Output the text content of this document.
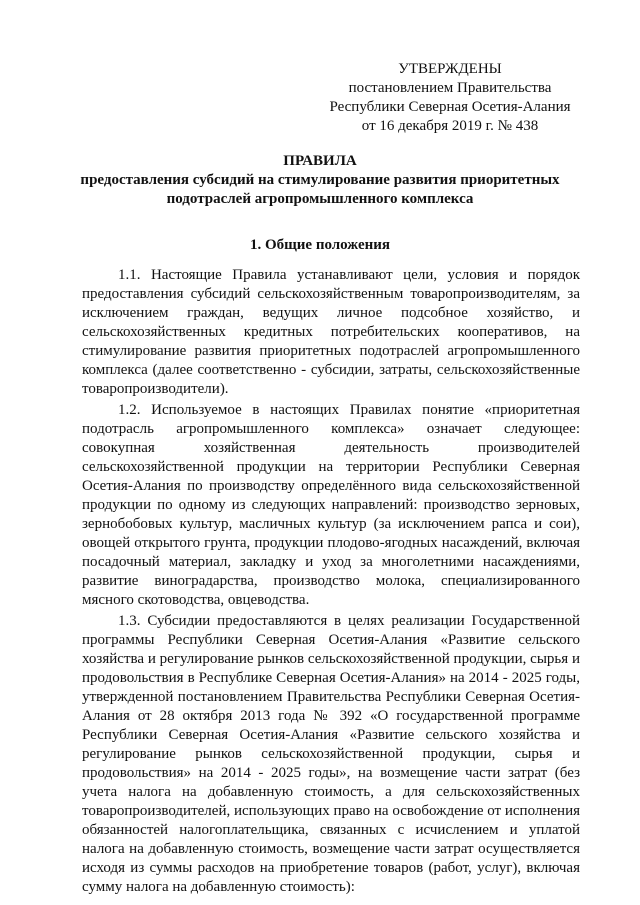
УТВЕРЖДЕНЫ
постановлением Правительства
Республики Северная Осетия-Алания
от 16 декабря 2019 г. № 438
ПРАВИЛА
предоставления субсидий на стимулирование развития приоритетных подотраслей агропромышленного комплекса
1. Общие положения

1.1. Настоящие Правила устанавливают цели, условия и порядок предоставления субсидий сельскохозяйственным товаропроизводителям, за исключением граждан, ведущих личное подсобное хозяйство, и сельскохозяйственных кредитных потребительских кооперативов, на стимулирование развития приоритетных подотраслей агропромышленного комплекса (далее соответственно - субсидии, затраты, сельскохозяйственные товаропроизводители).

1.2. Используемое в настоящих Правилах понятие «приоритетная подотрасль агропромышленного комплекса» означает следующее: совокупная хозяйственная деятельность производителей сельскохозяйственной продукции на территории Республики Северная Осетия-Алания по производству определённого вида сельскохозяйственной продукции по одному из следующих направлений: производство зерновых, зернобобовых культур, масличных культур (за исключением рапса и сои), овощей открытого грунта, продукции плодово-ягодных насаждений, включая посадочный материал, закладку и уход за многолетними насаждениями, развитие виноградарства, производство молока, специализированного мясного скотоводства, овцеводства.

1.3. Субсидии предоставляются в целях реализации Государственной программы Республики Северная Осетия-Алания «Развитие сельского хозяйства и регулирование рынков сельскохозяйственной продукции, сырья и продовольствия в Республике Северная Осетия-Алания» на 2014 - 2025 годы, утвержденной постановлением Правительства Республики Северная Осетия-Алания от 28 октября 2013 года № 392 «О государственной программе Республики Северная Осетия-Алания «Развитие сельского хозяйства и регулирование рынков сельскохозяйственной продукции, сырья и продовольствия» на 2014 - 2025 годы», на возмещение части затрат (без учета налога на добавленную стоимость, а для сельскохозяйственных товаропроизводителей, использующих право на освобождение от исполнения обязанностей налогоплательщика, связанных с исчислением и уплатой налога на добавленную стоимость, возмещение части затрат осуществляется исходя из суммы расходов на приобретение товаров (работ, услуг), включая сумму налога на добавленную стоимость):
